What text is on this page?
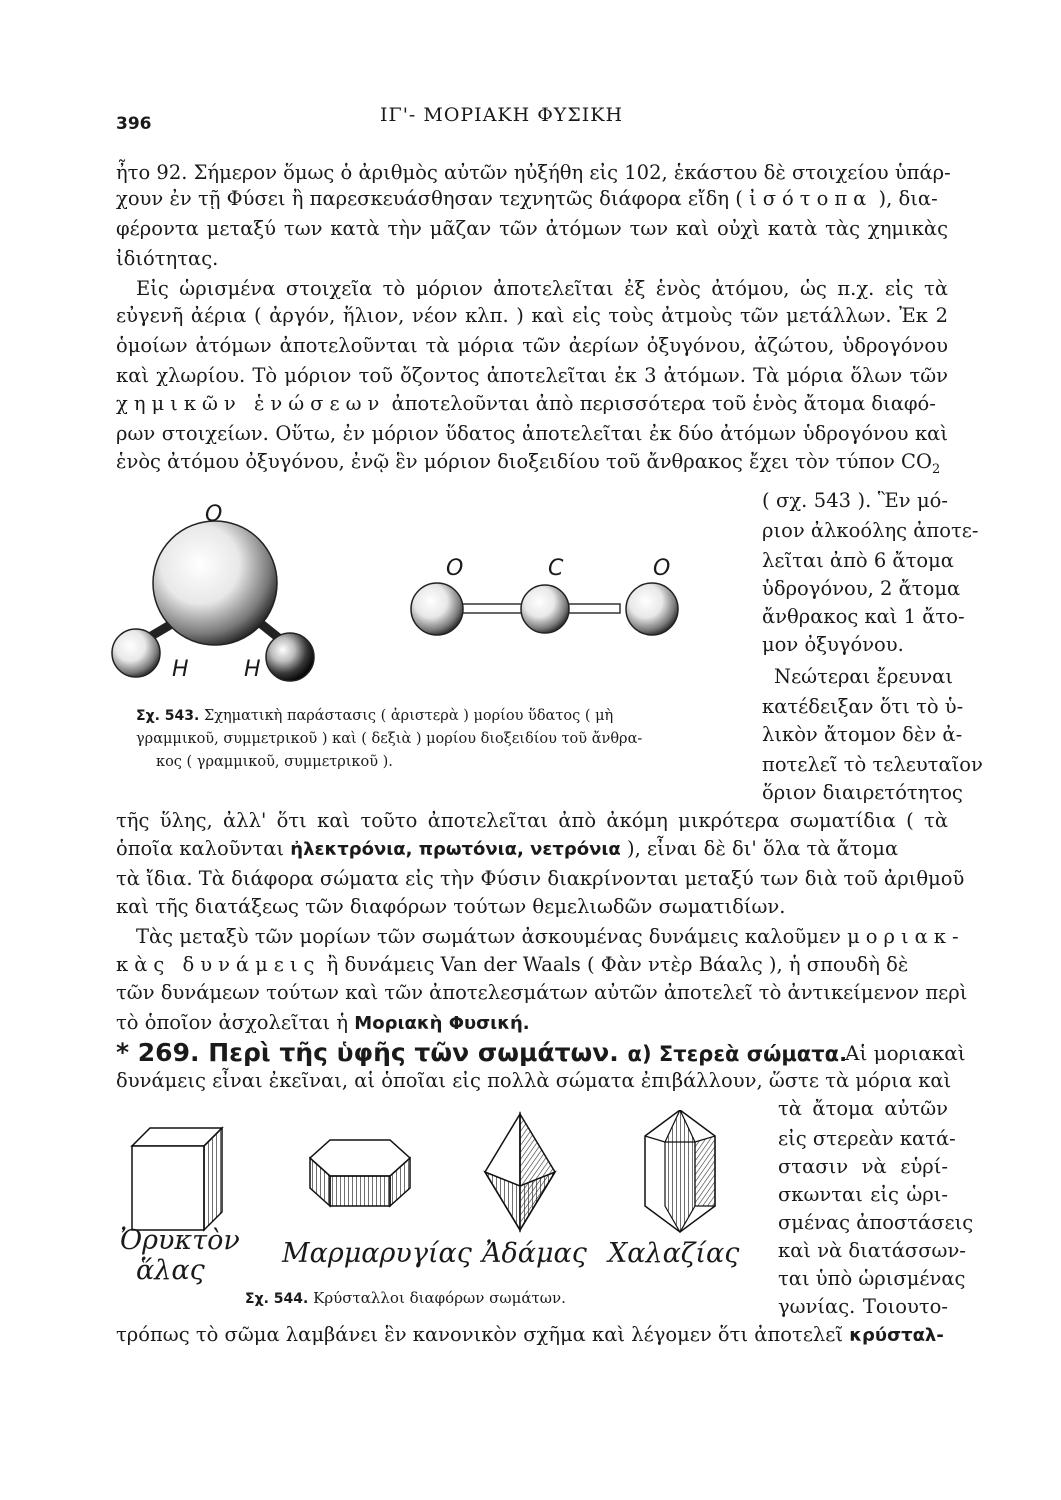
396	ΙΓ'- ΜΟΡΙΑΚΗ ΦΥΣΙΚΗ
ἦτο 92. Σήμερον ὅμως ὁ ἀριθμὸς αὐτῶν ηὐξήθη εἰς 102, ἑκάστου δὲ στοιχείου ὑπάρ-
χουν ἐν τῇ Φύσει ἢ παρεσκευάσθησαν τεχνητῶς διάφορα εἴδη ( ἰσότοπα ), δια-
φέροντα μεταξύ των κατὰ τὴν μᾶζαν τῶν ἀτόμων των καὶ οὐχὶ κατὰ τὰς χημικὰς
ἰδιότητας.
Εἰς ὡρισμένα στοιχεῖα τὸ μόριον ἀποτελεῖται ἐξ ἑνὸς ἀτόμου, ὡς π.χ. εἰς τὰ
εὐγενῆ ἀέρια ( ἀργόν, ἥλιον, νέον κλπ. ) καὶ εἰς τοὺς ἀτμοὺς τῶν μετάλλων. Ἐκ 2
ὁμοίων ἀτόμων ἀποτελοῦνται τὰ μόρια τῶν ἀερίων ὀξυγόνου, ἀζώτου, ὑδρογόνου
καὶ χλωρίου. Τὸ μόριον τοῦ ὄζοντος ἀποτελεῖται ἐκ 3 ἀτόμων. Τὰ μόρια ὅλων τῶν
χημικῶν ἑνώσεων ἀποτελοῦνται ἀπὸ περισσότερα τοῦ ἑνὸς ἄτομα διαφό-
ρων στοιχείων. Οὕτω, ἐν μόριον ὕδατος ἀποτελεῖται ἐκ δύο ἀτόμων ὑδρογόνου καὶ
ἑνὸς ἀτόμου ὀξυγόνου, ἐνῷ ἓν μόριον διοξειδίου τοῦ ἄνθρακος ἔχει τὸν τύπον $CO_2$
( σχ. 543 ). Ἓν μό-
ριον ἀλκοόλης ἀποτε-
λεῖται ἀπὸ 6 ἄτομα
ὑδρογόνου, 2 ἄτομα
ἄνθρακος καὶ 1 ἄτο-
μον ὀξυγόνου.
Νεώτεραι ἔρευναι
κατέδειξαν ὅτι τὸ ὑ-
λικὸν ἄτομον δὲν ἀ-
ποτελεῖ τὸ τελευταῖον
ὅριον διαιρετότητος
O
H	H
O	C	O
Σχ. 543. Σχηματικὴ παράστασις ( ἀριστερὰ ) μορίου ὕδατος ( μὴ
γραμμικοῦ, συμμετρικοῦ ) καὶ ( δεξιὰ ) μορίου διοξειδίου τοῦ ἄνθρα-
κος ( γραμμικοῦ, συμμετρικοῦ ).
τῆς ὕλης, ἀλλ' ὅτι καὶ τοῦτο ἀποτελεῖται ἀπὸ ἀκόμη μικρότερα σωματίδια ( τὰ
ὁποῖα καλοῦνται ἠλεκτρόνια, πρωτόνια, νετρόνια ), εἶναι δὲ δι' ὅλα τὰ ἄτομα
τὰ ἴδια. Τὰ διάφορα σώματα εἰς τὴν Φύσιν διακρίνονται μεταξύ των διὰ τοῦ ἀριθμοῦ
καὶ τῆς διατάξεως τῶν διαφόρων τούτων θεμελιωδῶν σωματιδίων.
Τὰς μεταξὺ τῶν μορίων τῶν σωμάτων ἀσκουμένας δυνάμεις καλοῦμεν μοριακ-
κὰς δυνάμεις ἢ δυνάμεις Van der Waals ( Φὰν ντὲρ Βάαλς ), ἡ σπουδὴ δὲ
τῶν δυνάμεων τούτων καὶ τῶν ἀποτελεσμάτων αὐτῶν ἀποτελεῖ τὸ ἀντικείμενον περὶ
τὸ ὁποῖον ἀσχολεῖται ἡ Μοριακὴ Φυσική.
* 269. Περὶ τῆς ὑφῆς τῶν σωμάτων. α) Στερεὰ σώματα.
Αἱ μοριακαὶ
δυνάμεις εἶναι ἐκεῖναι, αἱ ὁποῖαι εἰς πολλὰ σώματα ἐπιβάλλουν, ὥστε τὰ μόρια καὶ
τὰ ἄτομα αὐτῶν
εἰς στερεὰν κατά-
στασιν νὰ εὑρί-
σκωνται εἰς ὡρι-
σμένας ἀποστάσεις
καὶ νὰ διατάσσων-
ται ὑπὸ ὡρισμένας
γωνίας. Τοιουτο-
Ὀρυκτὸν
ἅλας
Μαρμαρυγίας Ἀδάμας Χαλαζίας
Σχ. 544. Κρύσταλλοι διαφόρων σωμάτων.
τρόπως τὸ σῶμα λαμβάνει ἓν κανονικὸν σχῆμα καὶ λέγομεν ὅτι ἀποτελεῖ κρύσταλ-
